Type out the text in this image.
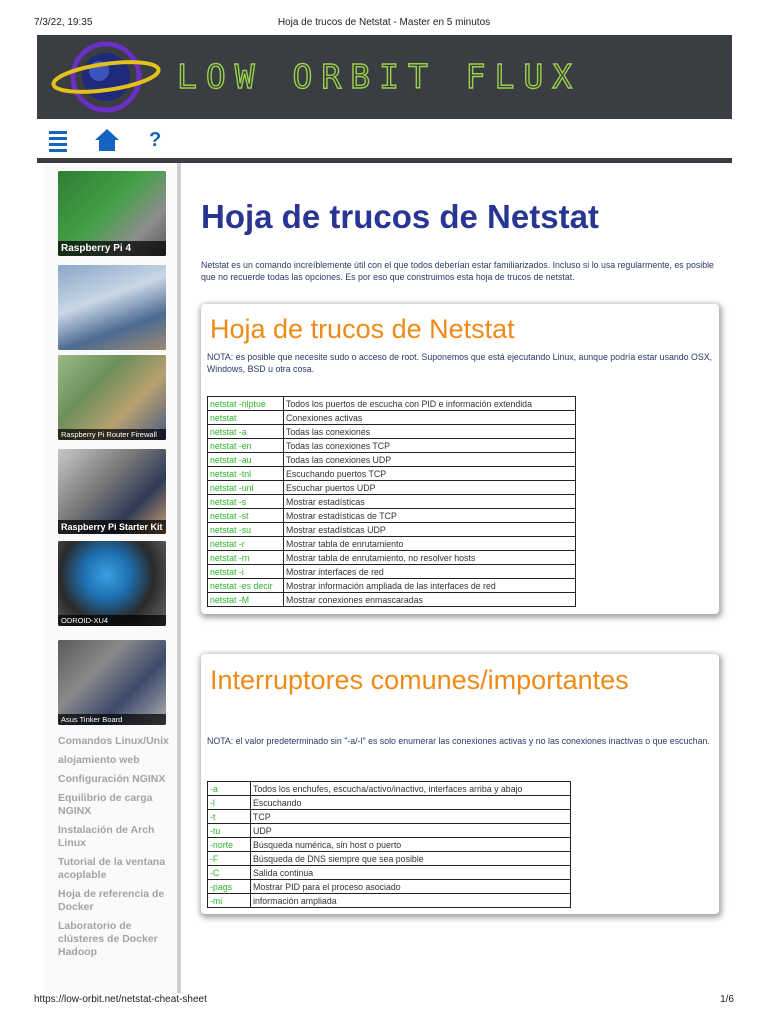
7/3/22, 19:35	Hoja de trucos de Netstat - Master en 5 minutos
LOW ORBIT FLUX
?
Raspberry Pi 4
Raspberry Pi Router Firewall
Raspberry Pi Starter Kit
ODROID-XU4
Asus Tinker Board
Comandos Linux/Unix
alojamiento web
Configuración NGINX
Equilibrio de carga NGINX
Instalación de Arch Linux
Tutorial de la ventana acoplable
Hoja de referencia de Docker
Laboratorio de clústeres de Docker Hadoop
Hoja de trucos de Netstat

Netstat es un comando increíblemente útil con el que todos deberían estar familiarizados. Incluso si lo usa regularmente, es posible que no recuerde todas las opciones. Es por eso que construimos esta hoja de trucos de netstat.

Hoja de trucos de Netstat

NOTA: es posible que necesite sudo o acceso de root. Suponemos que está ejecutando Linux, aunque podría estar usando OSX, Windows, BSD u otra cosa.

netstat -nlptue	Todos los puertos de escucha con PID e información extendida
netstat	Conexiones activas
netstat -a	Todas las conexiones
netstat -en	Todas las conexiones TCP
netstat -au	Todas las conexiones UDP
netstat -tnl	Escuchando puertos TCP
netstat -unl	Escuchar puertos UDP
netstat -s	Mostrar estadísticas
netstat -st	Mostrar estadísticas de TCP
netstat -su	Mostrar estadísticas UDP
netstat -r	Mostrar tabla de enrutamiento
netstat -rn	Mostrar tabla de enrutamiento, no resolver hosts
netstat -i	Mostrar interfaces de red
netstat -es decir	Mostrar información ampliada de las interfaces de red
netstat -M	Mostrar conexiones enmascaradas
Interruptores comunes/importantes

NOTA: el valor predeterminado sin "-a/-l" es solo enumerar las conexiones activas y no las conexiones inactivas o que escuchan.

-a	Todos los enchufes, escucha/activo/inactivo, interfaces arriba y abajo
-l	Escuchando
-t	TCP
-tu	UDP
-norte	Búsqueda numérica, sin host o puerto
-F	Búsqueda de DNS siempre que sea posible
-C	Salida continua
-pags	Mostrar PID para el proceso asociado
-mi	información ampliada
https://low-orbit.net/netstat-cheat-sheet	1/6
